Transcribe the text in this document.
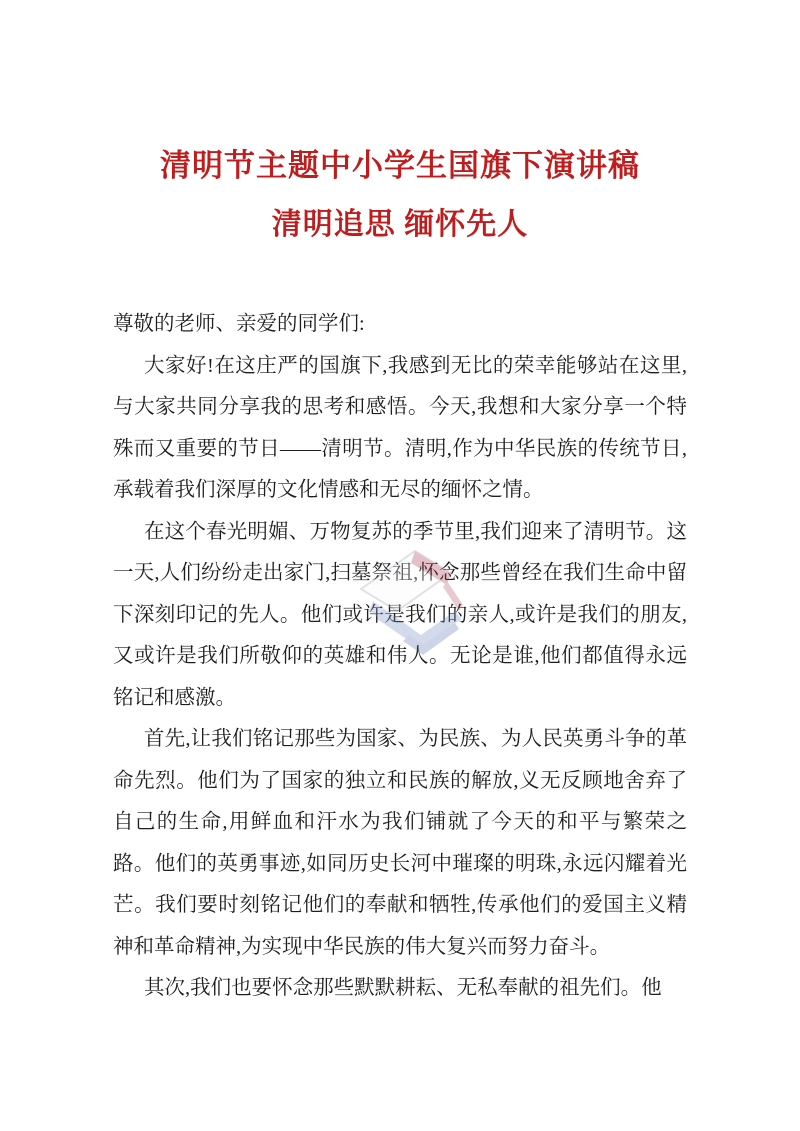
清明节主题中小学生国旗下演讲稿
清明追思 缅怀先人

尊敬的老师、亲爱的同学们:

大家好!在这庄严的国旗下,我感到无比的荣幸能够站在这里,与大家共同分享我的思考和感悟。今天,我想和大家分享一个特殊而又重要的节日——清明节。清明,作为中华民族的传统节日,承载着我们深厚的文化情感和无尽的缅怀之情。

在这个春光明媚、万物复苏的季节里,我们迎来了清明节。这一天,人们纷纷走出家门,扫墓祭祖,怀念那些曾经在我们生命中留下深刻印记的先人。他们或许是我们的亲人,或许是我们的朋友,又或许是我们所敬仰的英雄和伟人。无论是谁,他们都值得永远铭记和感激。

首先,让我们铭记那些为国家、为民族、为人民英勇斗争的革命先烈。他们为了国家的独立和民族的解放,义无反顾地舍弃了自己的生命,用鲜血和汗水为我们铺就了今天的和平与繁荣之路。他们的英勇事迹,如同历史长河中璀璨的明珠,永远闪耀着光芒。我们要时刻铭记他们的奉献和牺牲,传承他们的爱国主义精神和革命精神,为实现中华民族的伟大复兴而努力奋斗。

其次,我们也要怀念那些默默耕耘、无私奉献的祖先们。他
